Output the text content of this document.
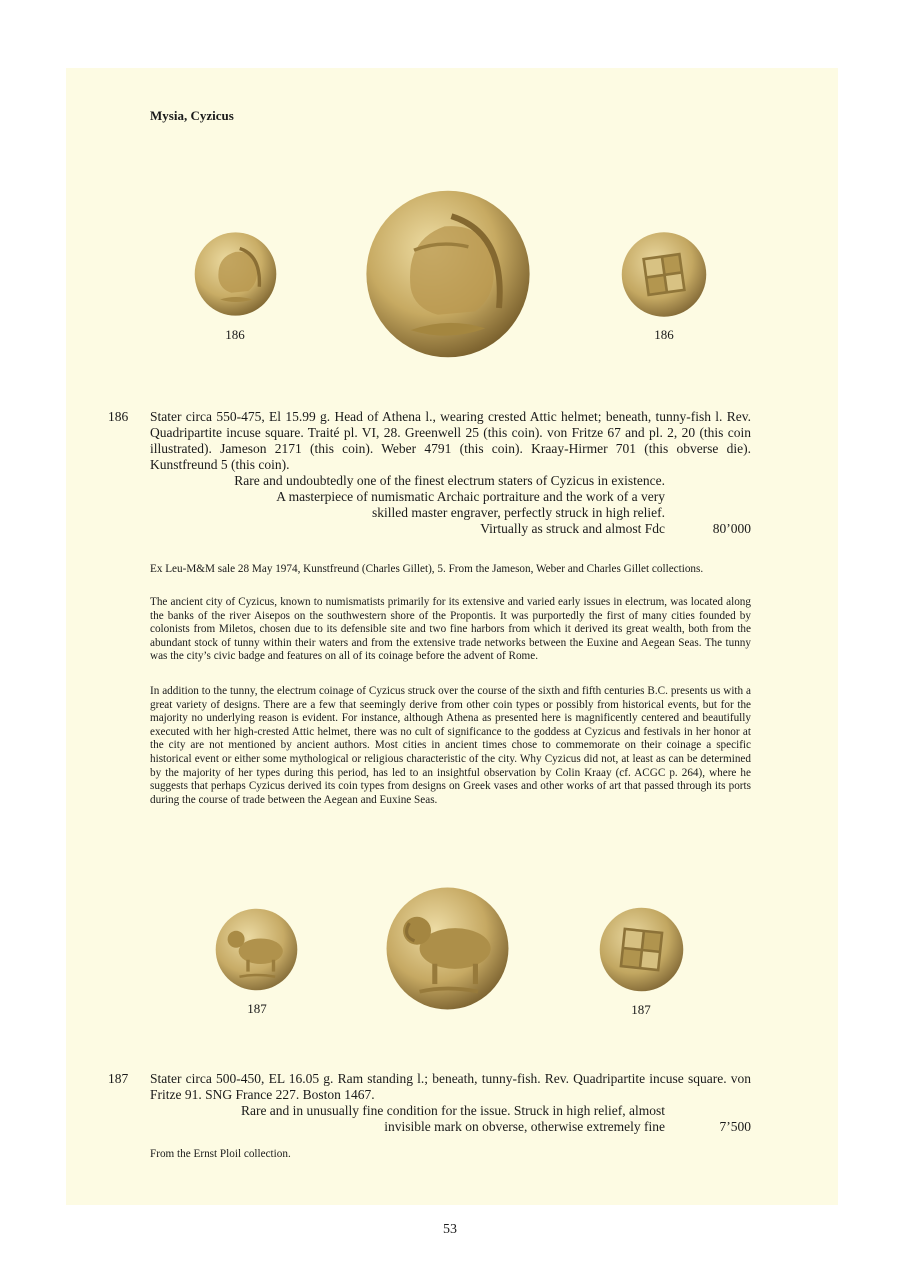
Mysia, Cyzicus
186	186
186 Stater circa 550-475, El 15.99 g. Head of Athena l., wearing crested Attic helmet; beneath, tunny-fish l. Rev. Quadripartite incuse square. Traité pl. VI, 28. Greenwell 25 (this coin). von Fritze 67 and pl. 2, 20 (this coin illustrated). Jameson 2171 (this coin). Weber 4791 (this coin). Kraay-Hirmer 701 (this obverse die). Kunstfreund 5 (this coin).
Rare and undoubtedly one of the finest electrum staters of Cyzicus in existence.
A masterpiece of numismatic Archaic portraiture and the work of a very
skilled master engraver, perfectly struck in high relief.
Virtually as struck and almost Fdc	80’000
Ex Leu-M&M sale 28 May 1974, Kunstfreund (Charles Gillet), 5. From the Jameson, Weber and Charles Gillet collections.
The ancient city of Cyzicus, known to numismatists primarily for its extensive and varied early issues in electrum, was located along the banks of the river Aisepos on the southwestern shore of the Propontis. It was purportedly the first of many cities founded by colonists from Miletos, chosen due to its defensible site and two fine harbors from which it derived its great wealth, both from the abundant stock of tunny within their waters and from the extensive trade networks between the Euxine and Aegean Seas. The tunny was the city’s civic badge and features on all of its coinage before the advent of Rome.
In addition to the tunny, the electrum coinage of Cyzicus struck over the course of the sixth and fifth centuries B.C. presents us with a great variety of designs. There are a few that seemingly derive from other coin types or possibly from historical events, but for the majority no underlying reason is evident. For instance, although Athena as presented here is magnificently centered and beautifully executed with her high-crested Attic helmet, there was no cult of significance to the goddess at Cyzicus and festivals in her honor at the city are not mentioned by ancient authors. Most cities in ancient times chose to commemorate on their coinage a specific historical event or either some mythological or religious characteristic of the city. Why Cyzicus did not, at least as can be determined by the majority of her types during this period, has led to an insightful observation by Colin Kraay (cf. ACGC p. 264), where he suggests that perhaps Cyzicus derived its coin types from designs on Greek vases and other works of art that passed through its ports during the course of trade between the Aegean and Euxine Seas.
187	187
187 Stater circa 500-450, EL 16.05 g. Ram standing l.; beneath, tunny-fish. Rev. Quadripartite incuse square. von Fritze 91. SNG France 227. Boston 1467.
Rare and in unusually fine condition for the issue. Struck in high relief, almost
invisible mark on obverse, otherwise extremely fine	7’500
From the Ernst Ploil collection.
53
